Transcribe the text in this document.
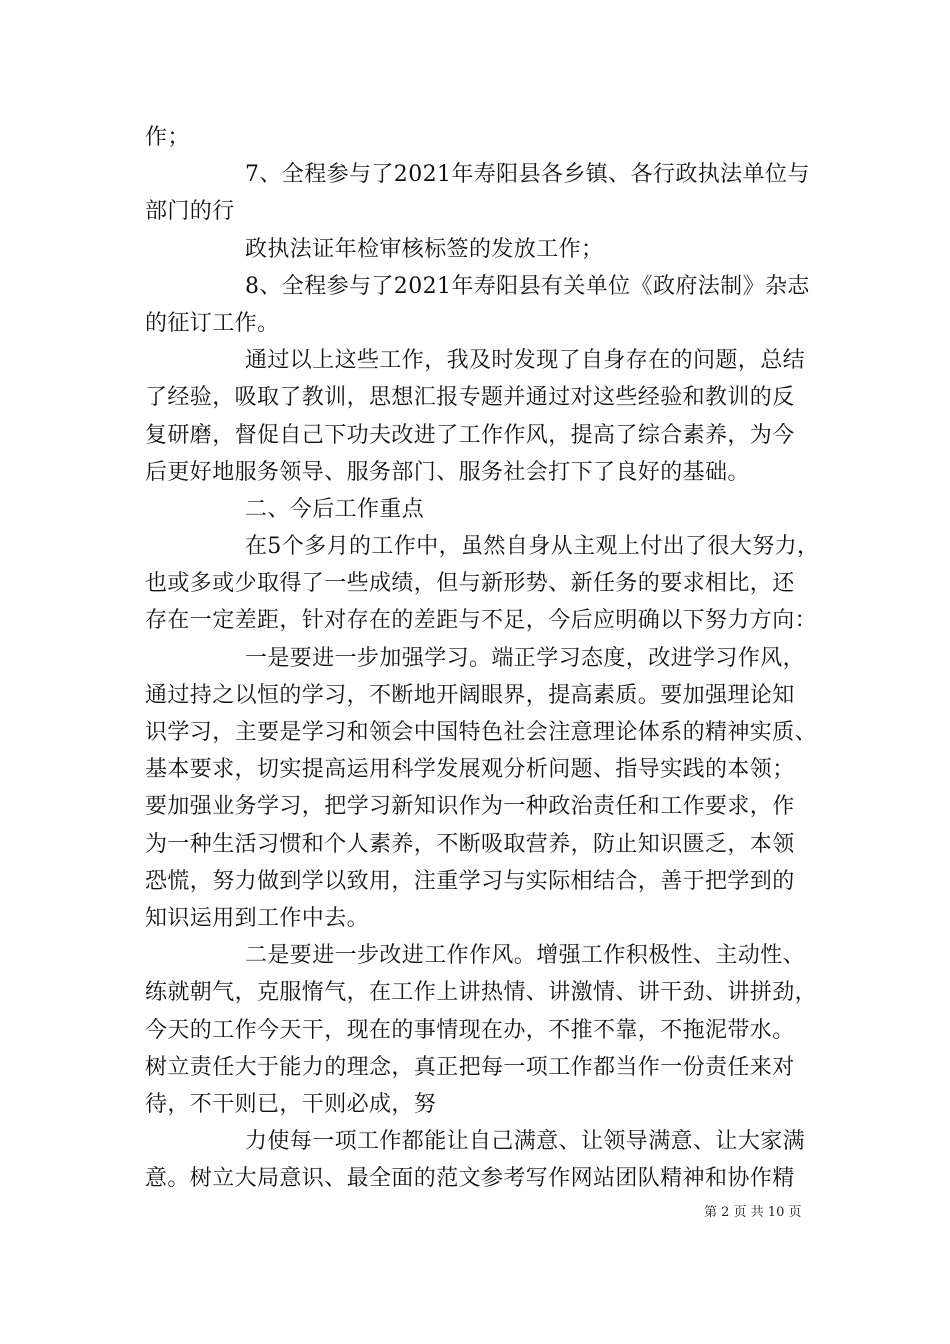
作；
7、全程参与了2021年寿阳县各乡镇、各行政执法单位与
部门的行
政执法证年检审核标签的发放工作；
8、全程参与了2021年寿阳县有关单位《政府法制》杂志
的征订工作。
通过以上这些工作，我及时发现了自身存在的问题，总结
了经验，吸取了教训，思想汇报专题并通过对这些经验和教训的反
复研磨，督促自己下功夫改进了工作作风，提高了综合素养，为今
后更好地服务领导、服务部门、服务社会打下了良好的基础。
二、今后工作重点
在5个多月的工作中，虽然自身从主观上付出了很大努力，
也或多或少取得了一些成绩，但与新形势、新任务的要求相比，还
存在一定差距，针对存在的差距与不足，今后应明确以下努力方向：
一是要进一步加强学习。端正学习态度，改进学习作风，
通过持之以恒的学习，不断地开阔眼界，提高素质。要加强理论知
识学习，主要是学习和领会中国特色社会注意理论体系的精神实质、
基本要求，切实提高运用科学发展观分析问题、指导实践的本领；
要加强业务学习，把学习新知识作为一种政治责任和工作要求，作
为一种生活习惯和个人素养，不断吸取营养，防止知识匮乏，本领
恐慌，努力做到学以致用，注重学习与实际相结合，善于把学到的
知识运用到工作中去。
二是要进一步改进工作作风。增强工作积极性、主动性、
练就朝气，克服惰气，在工作上讲热情、讲激情、讲干劲、讲拼劲，
今天的工作今天干，现在的事情现在办，不推不靠，不拖泥带水。
树立责任大于能力的理念，真正把每一项工作都当作一份责任来对
待，不干则已，干则必成，努
力使每一项工作都能让自己满意、让领导满意、让大家满
意。树立大局意识、最全面的范文参考写作网站团队精神和协作精
第 2 页 共 10 页
